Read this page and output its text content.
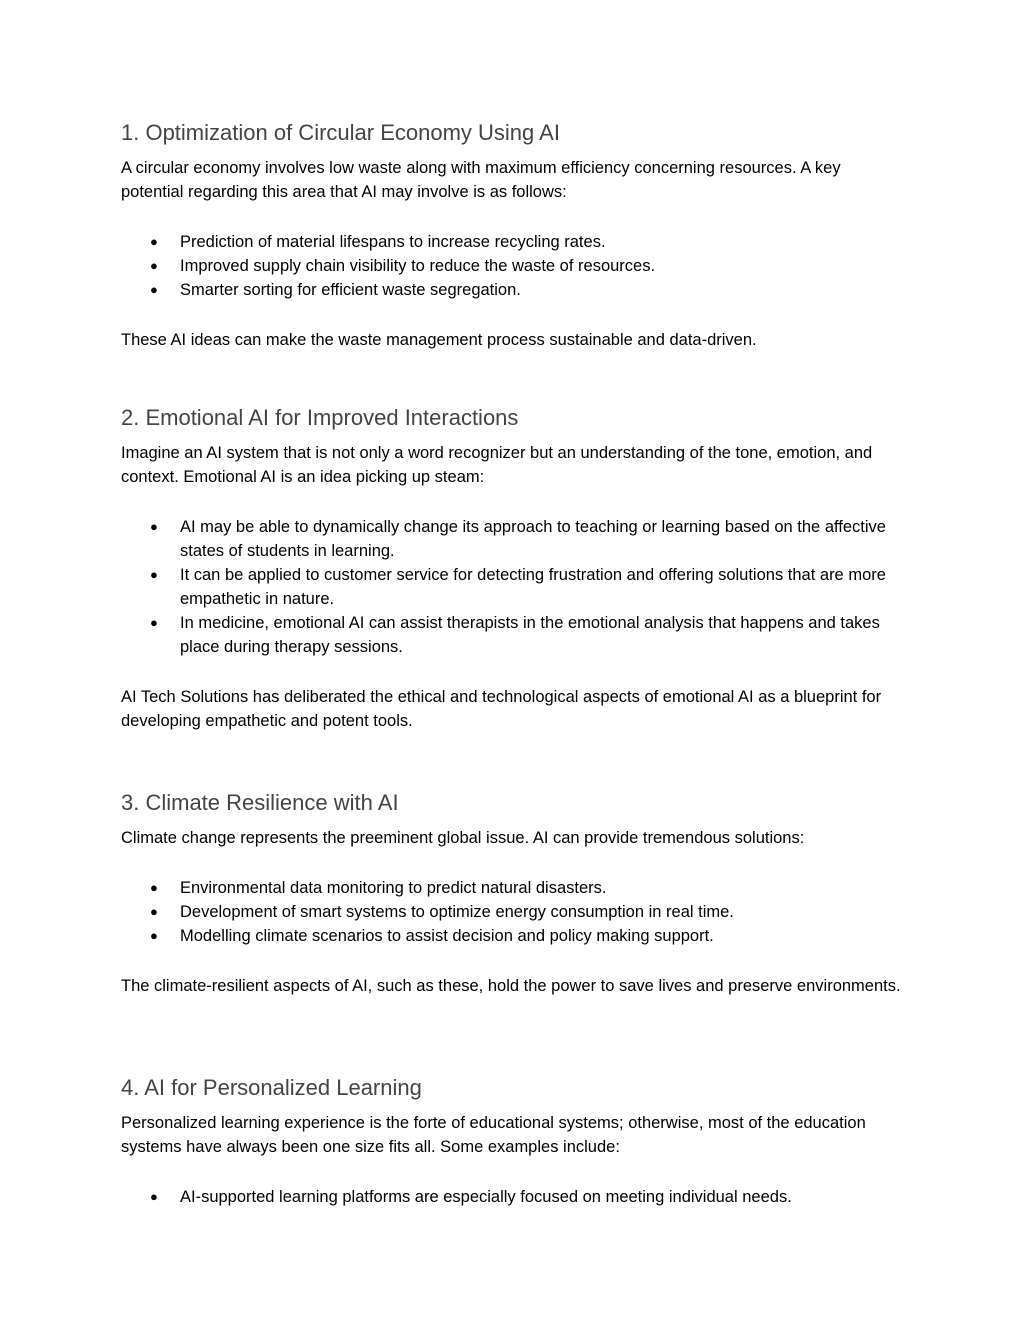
1. Optimization of Circular Economy Using AI

A circular economy involves low waste along with maximum efficiency concerning resources. A key potential regarding this area that AI may involve is as follows:

● Prediction of material lifespans to increase recycling rates.
● Improved supply chain visibility to reduce the waste of resources.
● Smarter sorting for efficient waste segregation.

These AI ideas can make the waste management process sustainable and data-driven.

2. Emotional AI for Improved Interactions

Imagine an AI system that is not only a word recognizer but an understanding of the tone, emotion, and context. Emotional AI is an idea picking up steam:

● AI may be able to dynamically change its approach to teaching or learning based on the affective states of students in learning.
● It can be applied to customer service for detecting frustration and offering solutions that are more empathetic in nature.
● In medicine, emotional AI can assist therapists in the emotional analysis that happens and takes place during therapy sessions.

AI Tech Solutions has deliberated the ethical and technological aspects of emotional AI as a blueprint for developing empathetic and potent tools.

3. Climate Resilience with AI

Climate change represents the preeminent global issue. AI can provide tremendous solutions:

● Environmental data monitoring to predict natural disasters.
● Development of smart systems to optimize energy consumption in real time.
● Modelling climate scenarios to assist decision and policy making support.

The climate-resilient aspects of AI, such as these, hold the power to save lives and preserve environments.

4. AI for Personalized Learning

Personalized learning experience is the forte of educational systems; otherwise, most of the education systems have always been one size fits all. Some examples include:

● AI-supported learning platforms are especially focused on meeting individual needs.
